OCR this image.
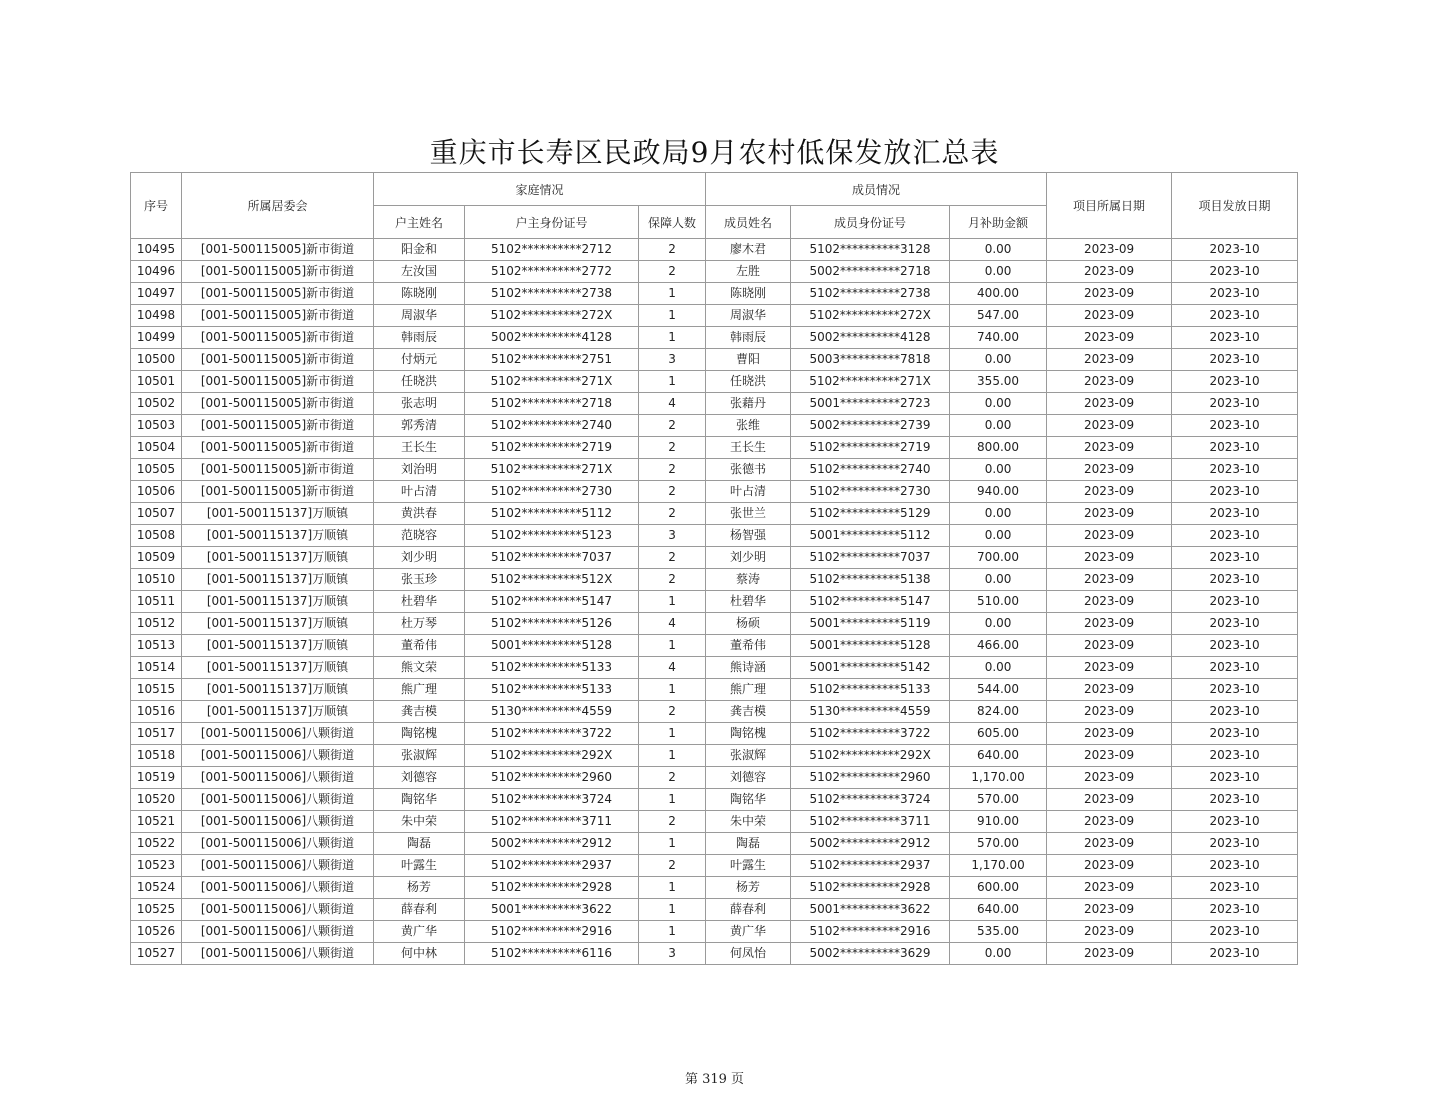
重庆市长寿区民政局9月农村低保发放汇总表
序号	所属居委会	家庭情况			成员情况			项目所属日期	项目发放日期
		户主姓名	户主身份证号	保障人数	成员姓名	成员身份证号	月补助金额		
10495	[001-500115005]新市街道	阳金和	5102**********2712	2	廖木君	5102**********3128	0.00	2023-09	2023-10
10496	[001-500115005]新市街道	左汝国	5102**********2772	2	左胜	5002**********2718	0.00	2023-09	2023-10
10497	[001-500115005]新市街道	陈晓刚	5102**********2738	1	陈晓刚	5102**********2738	400.00	2023-09	2023-10
10498	[001-500115005]新市街道	周淑华	5102**********272X	1	周淑华	5102**********272X	547.00	2023-09	2023-10
10499	[001-500115005]新市街道	韩雨辰	5002**********4128	1	韩雨辰	5002**********4128	740.00	2023-09	2023-10
10500	[001-500115005]新市街道	付炳元	5102**********2751	3	曹阳	5003**********7818	0.00	2023-09	2023-10
10501	[001-500115005]新市街道	任晓洪	5102**********271X	1	任晓洪	5102**********271X	355.00	2023-09	2023-10
10502	[001-500115005]新市街道	张志明	5102**********2718	4	张藉丹	5001**********2723	0.00	2023-09	2023-10
10503	[001-500115005]新市街道	郭秀清	5102**********2740	2	张维	5002**********2739	0.00	2023-09	2023-10
10504	[001-500115005]新市街道	王长生	5102**********2719	2	王长生	5102**********2719	800.00	2023-09	2023-10
10505	[001-500115005]新市街道	刘治明	5102**********271X	2	张德书	5102**********2740	0.00	2023-09	2023-10
10506	[001-500115005]新市街道	叶占清	5102**********2730	2	叶占清	5102**********2730	940.00	2023-09	2023-10
10507	[001-500115137]万顺镇	黄洪春	5102**********5112	2	张世兰	5102**********5129	0.00	2023-09	2023-10
10508	[001-500115137]万顺镇	范晓容	5102**********5123	3	杨智强	5001**********5112	0.00	2023-09	2023-10
10509	[001-500115137]万顺镇	刘少明	5102**********7037	2	刘少明	5102**********7037	700.00	2023-09	2023-10
10510	[001-500115137]万顺镇	张玉珍	5102**********512X	2	蔡涛	5102**********5138	0.00	2023-09	2023-10
10511	[001-500115137]万顺镇	杜碧华	5102**********5147	1	杜碧华	5102**********5147	510.00	2023-09	2023-10
10512	[001-500115137]万顺镇	杜万琴	5102**********5126	4	杨硕	5001**********5119	0.00	2023-09	2023-10
10513	[001-500115137]万顺镇	董希伟	5001**********5128	1	董希伟	5001**********5128	466.00	2023-09	2023-10
10514	[001-500115137]万顺镇	熊文荣	5102**********5133	4	熊诗涵	5001**********5142	0.00	2023-09	2023-10
10515	[001-500115137]万顺镇	熊广理	5102**********5133	1	熊广理	5102**********5133	544.00	2023-09	2023-10
10516	[001-500115137]万顺镇	龚吉模	5130**********4559	2	龚吉模	5130**********4559	824.00	2023-09	2023-10
10517	[001-500115006]八颗街道	陶铭槐	5102**********3722	1	陶铭槐	5102**********3722	605.00	2023-09	2023-10
10518	[001-500115006]八颗街道	张淑辉	5102**********292X	1	张淑辉	5102**********292X	640.00	2023-09	2023-10
10519	[001-500115006]八颗街道	刘德容	5102**********2960	2	刘德容	5102**********2960	1,170.00	2023-09	2023-10
10520	[001-500115006]八颗街道	陶铭华	5102**********3724	1	陶铭华	5102**********3724	570.00	2023-09	2023-10
10521	[001-500115006]八颗街道	朱中荣	5102**********3711	2	朱中荣	5102**********3711	910.00	2023-09	2023-10
10522	[001-500115006]八颗街道	陶磊	5002**********2912	1	陶磊	5002**********2912	570.00	2023-09	2023-10
10523	[001-500115006]八颗街道	叶露生	5102**********2937	2	叶露生	5102**********2937	1,170.00	2023-09	2023-10
10524	[001-500115006]八颗街道	杨芳	5102**********2928	1	杨芳	5102**********2928	600.00	2023-09	2023-10
10525	[001-500115006]八颗街道	薛春利	5001**********3622	1	薛春利	5001**********3622	640.00	2023-09	2023-10
10526	[001-500115006]八颗街道	黄广华	5102**********2916	1	黄广华	5102**********2916	535.00	2023-09	2023-10
10527	[001-500115006]八颗街道	何中林	5102**********6116	3	何凤怡	5002**********3629	0.00	2023-09	2023-10
第 319 页
